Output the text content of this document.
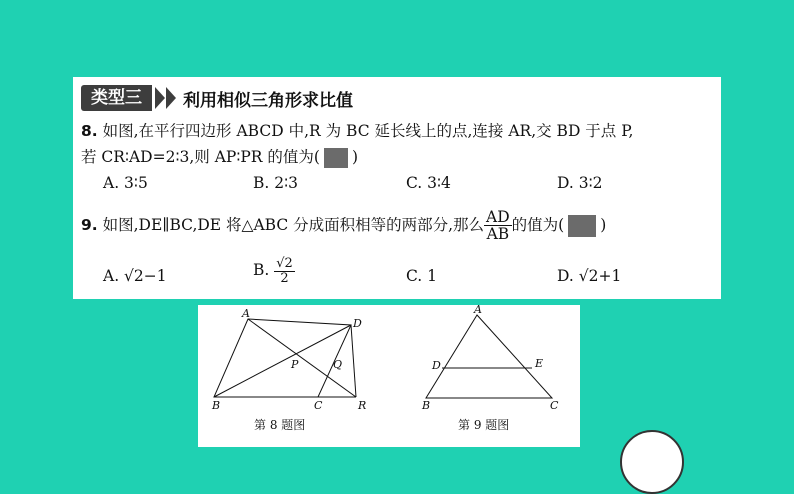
类型三	利用相似三角形求比值
8. 如图,在平行四边形 ABCD 中,R 为 BC 延长线上的点,连接 AR,交 BD 于点 P,
若 CR∶AD=2∶3,则 AP∶PR 的值为( )
A. 3∶5	B. 2∶3	C. 3∶4	D. 3∶2
9. 如图,DE∥BC,DE 将△ABC 分成面积相等的两部分,那么 $\frac{AD}{AB}$ 的值为( )
A. √2−1	B. $\frac{√2}{2}$	C. 1	D. √2+1
A
D
P	Q
B	C	R
第 8 题图
A
D	E
B	C
第 9 题图
